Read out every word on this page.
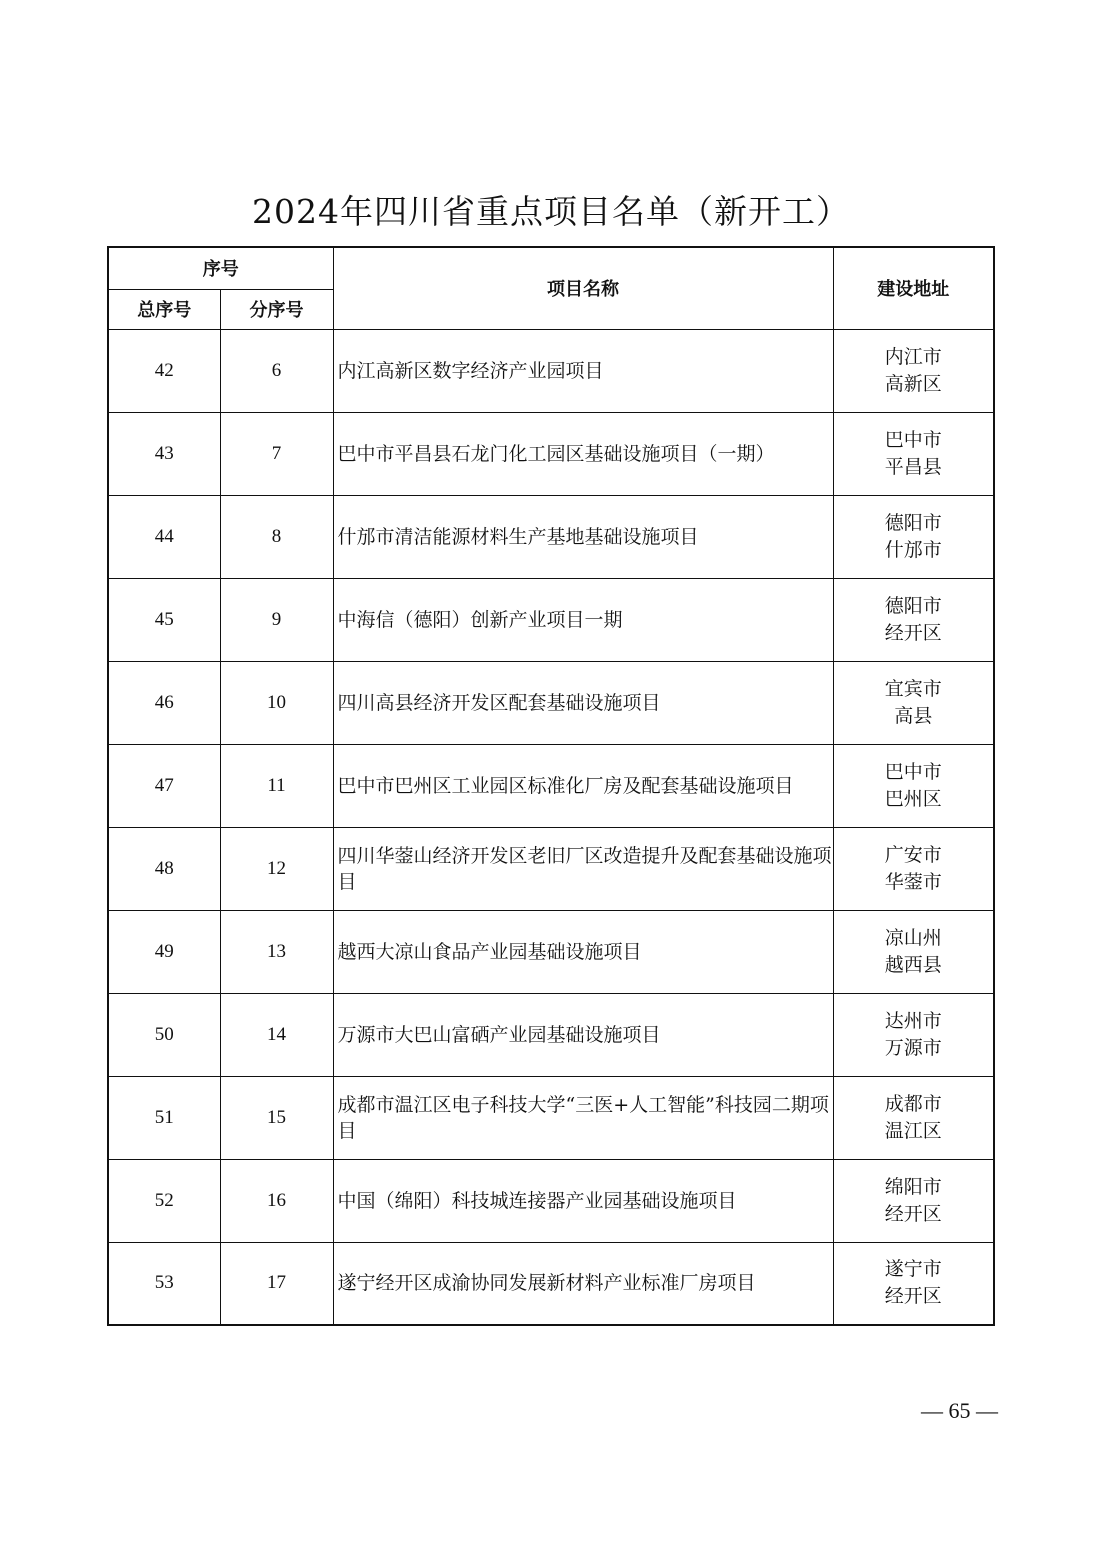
2024年四川省重点项目名单（新开工）
序号		项目名称	建设地址
总序号	分序号		
42	6	内江高新区数字经济产业园项目	内江市
高新区

43	7	巴中市平昌县石龙门化工园区基础设施项目（一期）	巴中市
平昌县

44	8	什邡市清洁能源材料生产基地基础设施项目	德阳市
什邡市

45	9	中海信（德阳）创新产业项目一期	德阳市
经开区

46	10	四川高县经济开发区配套基础设施项目	宜宾市
高县

47	11	巴中市巴州区工业园区标准化厂房及配套基础设施项目	巴中市
巴州区

48	12	四川华蓥山经济开发区老旧厂区改造提升及配套基础设施项目	广安市
华蓥市

49	13	越西大凉山食品产业园基础设施项目	凉山州
越西县

50	14	万源市大巴山富硒产业园基础设施项目	达州市
万源市

51	15	成都市温江区电子科技大学“三医+人工智能”科技园二期项目	成都市
温江区

52	16	中国（绵阳）科技城连接器产业园基础设施项目	绵阳市
经开区

53	17	遂宁经开区成渝协同发展新材料产业标准厂房项目	遂宁市
经开区
— 65 —
